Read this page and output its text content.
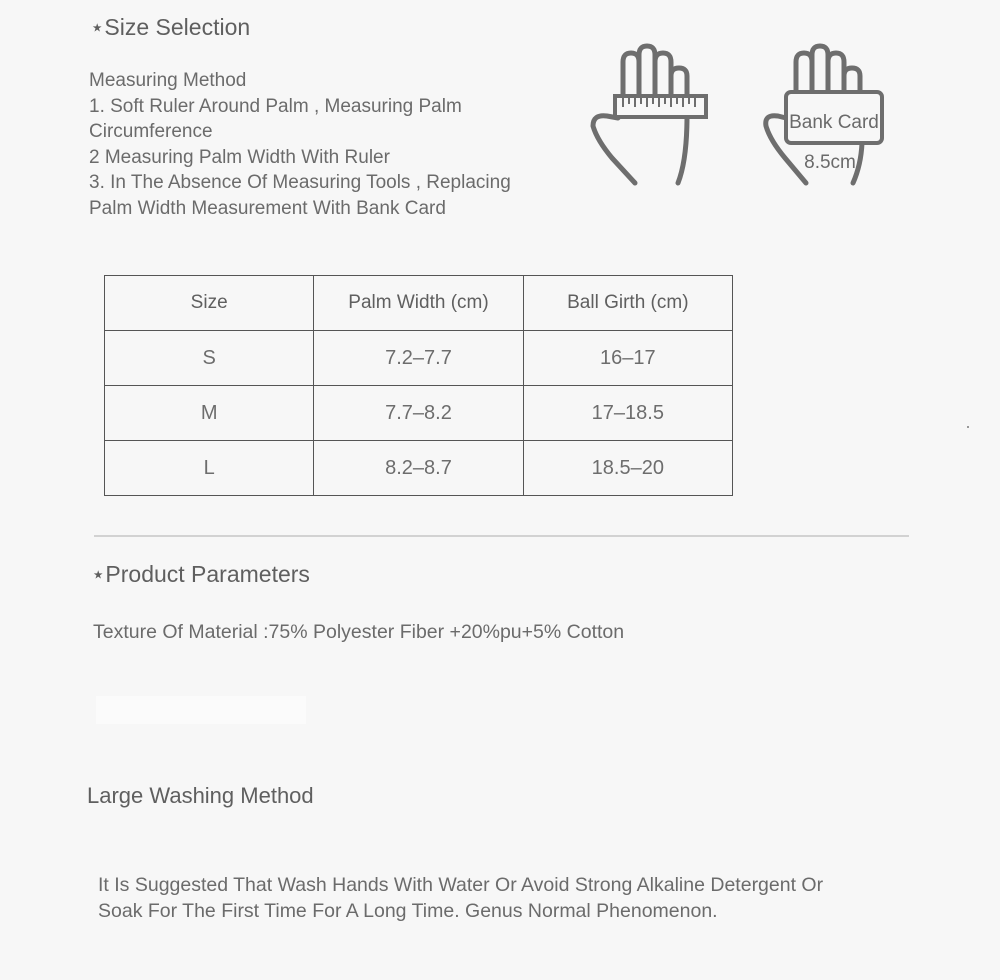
⋆Size Selection
Measuring Method
1. Soft Ruler Around Palm , Measuring Palm
Circumference
2 Measuring Palm Width With Ruler
3. In The Absence Of Measuring Tools , Replacing
Palm Width Measurement With Bank Card
Bank Card
8.5cm
Size	Palm Width (cm)	Ball Girth (cm)
S	7.2–7.7	16–17
M	7.7–8.2	17–18.5
L	8.2–8.7	18.5–20
⋆Product Parameters
Texture Of Material :75% Polyester Fiber +20%pu+5% Cotton
Large Washing Method
It Is Suggested That Wash Hands With Water Or Avoid Strong Alkaline Detergent Or
Soak For The First Time For A Long Time. Genus Normal Phenomenon.
